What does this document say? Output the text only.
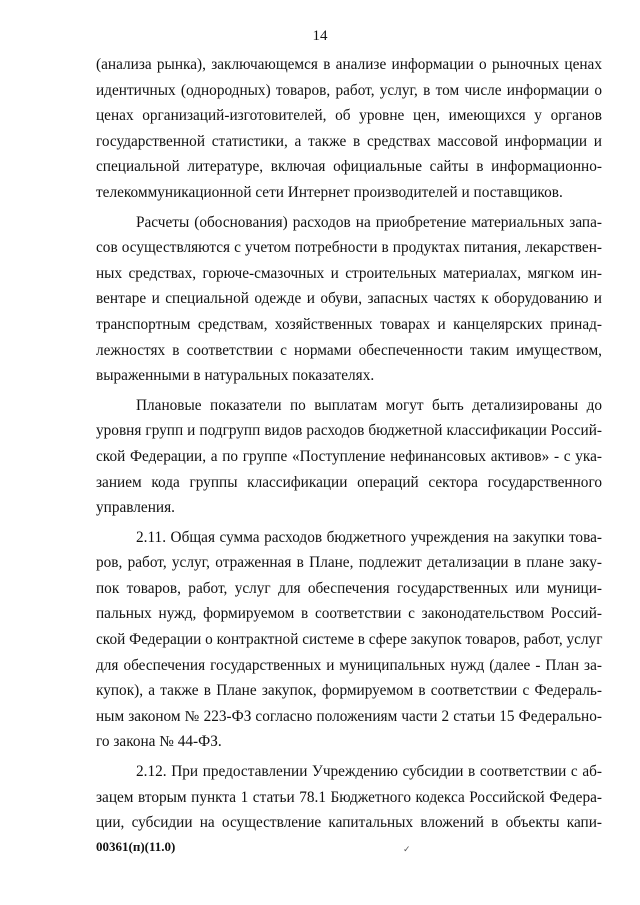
14
(анализа рынка), заключающемся в анализе информации о рыночных ценах
идентичных (однородных) товаров, работ, услуг, в том числе информации о
ценах организаций-изготовителей, об уровне цен, имеющихся у органов
государственной статистики, а также в средствах массовой информации и
специальной литературе, включая официальные сайты в информационно-
телекоммуникационной сети Интернет производителей и поставщиков.
Расчеты (обоснования) расходов на приобретение материальных запа-
сов осуществляются с учетом потребности в продуктах питания, лекарствен-
ных средствах, горюче-смазочных и строительных материалах, мягком ин-
вентаре и специальной одежде и обуви, запасных частях к оборудованию и
транспортным средствам, хозяйственных товарах и канцелярских принад-
лежностях в соответствии с нормами обеспеченности таким имуществом,
выраженными в натуральных показателях.
Плановые показатели по выплатам могут быть детализированы до
уровня групп и подгрупп видов расходов бюджетной классификации Россий-
ской Федерации, а по группе «Поступление нефинансовых активов» - с ука-
занием кода группы классификации операций сектора государственного
управления.
2.11. Общая сумма расходов бюджетного учреждения на закупки това-
ров, работ, услуг, отраженная в Плане, подлежит детализации в плане заку-
пок товаров, работ, услуг для обеспечения государственных или муници-
пальных нужд, формируемом в соответствии с законодательством Россий-
ской Федерации о контрактной системе в сфере закупок товаров, работ, услуг
для обеспечения государственных и муниципальных нужд (далее - План за-
купок), а также в Плане закупок, формируемом в соответствии с Федераль-
ным законом № 223-ФЗ согласно положениям части 2 статьи 15 Федерально-
го закона № 44-ФЗ.
2.12. При предоставлении Учреждению субсидии в соответствии с аб-
зацем вторым пункта 1 статьи 78.1 Бюджетного кодекса Российской Федера-
ции, субсидии на осуществление капитальных вложений в объекты капи-
00361(п)(11.0)	✓
